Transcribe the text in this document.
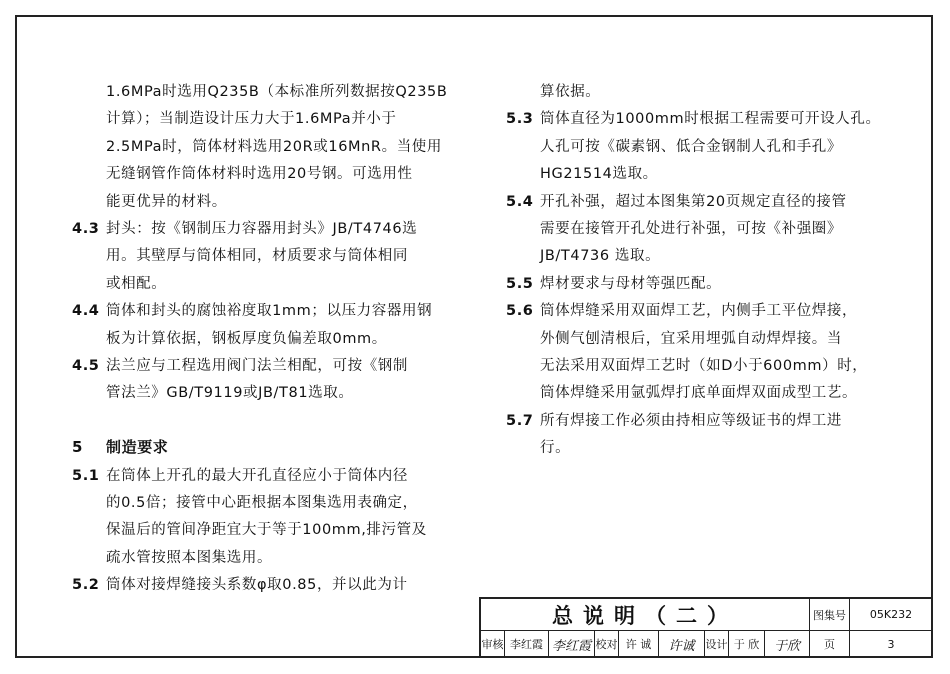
1.6MPa时选用Q235B（本标准所列数据按Q235B
计算）；当制造设计压力大于1.6MPa并小于
2.5MPa时，筒体材料选用20R或16MnR。当使用
无缝钢管作筒体材料时选用20号钢。可选用性
能更优异的材料。
4.3 封头：按《钢制压力容器用封头》JB/T4746选
用。其壁厚与筒体相同，材质要求与筒体相同
或相配。
4.4 筒体和封头的腐蚀裕度取1mm；以压力容器用钢
板为计算依据，钢板厚度负偏差取0mm。
4.5 法兰应与工程选用阀门法兰相配，可按《钢制
管法兰》GB/T9119或JB/T81选取。
5 制造要求
5.1 在筒体上开孔的最大开孔直径应小于筒体内径
的0.5倍；接管中心距根据本图集选用表确定，
保温后的管间净距宜大于等于100mm,排污管及
疏水管按照本图集选用。
5.2 筒体对接焊缝接头系数φ取0.85，并以此为计
算依据。
5.3 筒体直径为1000mm时根据工程需要可开设人孔。
人孔可按《碳素钢、低合金钢制人孔和手孔》
HG21514选取。
5.4 开孔补强，超过本图集第20页规定直径的接管
需要在接管开孔处进行补强，可按《补强圈》
JB/T4736 选取。
5.5 焊材要求与母材等强匹配。
5.6 筒体焊缝采用双面焊工艺，内侧手工平位焊接，
外侧气刨清根后，宜采用埋弧自动焊焊接。当
无法采用双面焊工艺时（如D小于600mm）时，
筒体焊缝采用氩弧焊打底单面焊双面成型工艺。
5.7 所有焊接工作必须由持相应等级证书的焊工进
行。
总说明（二）	图集号	05K232
审核 李红霞 李红霞 校对 许 诚	许诚	设计 于 欣	于欣	页	3
